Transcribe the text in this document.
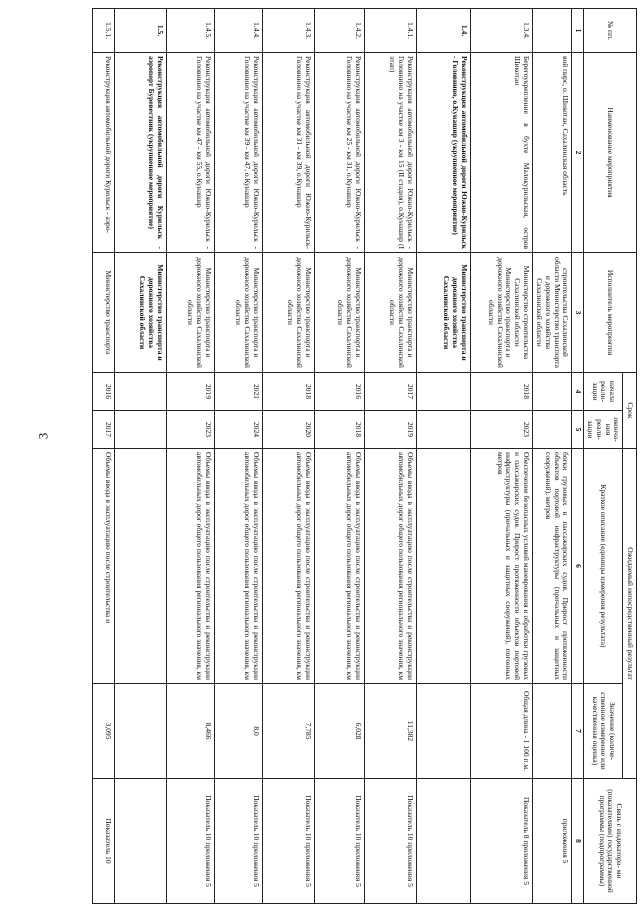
3
№ пп.	Наименование мероприятия	Исполнитель мероприятия	Срок		Ожидаемый непосредственный результат		Связь с индикатора- ми (показателями) государственной программы (подпрограммы)
			начала реали- зации	оконча- ния реали- зации	Краткое описание (единицы измерения результата)	Значение (количе- ственное измерение или качественная оценка)	

1	2	3	4	5	6	7	8
	вой пирс, о. Шикотан, Сахалинская область	строительства Сахалинской области Министерство транспорта и дорожного хозяйства Сахалинской области			богки грузовых и пассажирских судов. Прирост протяженности объектов портовой инфраструктуры (причальных и защитных сооружений), метров		приложения 5
1.3.4.	Берегоукрепление в бухте Малокурильская, остров Шикотан	Министерство строительства Сахалинской области Министерство транспорта и дорожного хозяйства Сахалинской области	2018	2023	Обеспечение безопасных условий маневрования и обработки грузовых и пассажирских судов. Прирост протяженности объектов портовой инфраструктуры (причальных и защитных сооружений), погонных метров	Общая длина - 1 100 п.м.	Показатель 8 приложения 5
1.4.	Реконструкция автомобильной дороги Южно-Курильск - Головнино, о.Кунашир (укрупненное мероприятие)	Министерство транспорта и дорожного хозяйства Сахалинской области					
1.4.1.	Реконструкция автомобильной дороги Южно-Курильск - Головнино на участке км 3 - км 15 (II стадия), о.Кунашир (I этап)	Министерство транспорта и дорожного хозяйства Сахалинской области	2017	2019	Объемы ввода в эксплуатацию после строительства и реконструкции автомобильных дорог общего пользования регионального значения, км	11,382	Показатель 10 приложения 5
1.4.2.	Реконструкция автомобильной дороги Южно-Курильск - Головнино на участке км 25 - км 31, о.Кунашир	Министерство транспорта и дорожного хозяйства Сахалинской области	2016	2018	Объемы ввода в эксплуатацию после строительства и реконструкции автомобильных дорог общего пользования регионального значения, км	6,028	Показатель 10 приложения 5
1.4.3.	Реконструкция автомобильной дороги Южно-Курильск-Головнино на участке км 31 - км 39, о.Кунашир	Министерство транспорта и дорожного хозяйства Сахалинской области	2018	2020	Объемы ввода в эксплуатацию после строительства и реконструкции автомобильных дорог общего пользования регионального значения, км	7,785	Показатель 10 приложения 5
1.4.4.	Реконструкция автомобильной дороги Южно-Курильск - Головнино на участке км 39 - км 47, о.Кунашир	Министерство транспорта и дорожного хозяйства Сахалинской области	2021	2024	Объемы ввода в эксплуатацию после строительства и реконструкции автомобильных дорог общего пользования регионального значения, км	8,0	Показатель 10 приложения 5
1.4.5.	Реконструкция автомобильной дороги Южно-Курильск - Головнино на участке км 47 - км 55, о.Кунашир	Министерство транспорта и дорожного хозяйства Сахалинской области	2019	2023	Объемы ввода в эксплуатацию после строительства и реконструкции автомобильных дорог общего пользования регионального значения, км	8,466	Показатель 10 приложения 5
1.5.	Реконструкция автомобильной дороги Курильск - аэропорт Буревестник (укрупненное мероприятие)	Министерство транспорта и дорожного хозяйства Сахалинской области					
1.5.1.	Реконструкция автомобильной дороги Курильск - аэро-	Министерство транспорта	2016	2017	Объемы ввода в эксплуатацию после строительства и	3,095	Показатель 10
